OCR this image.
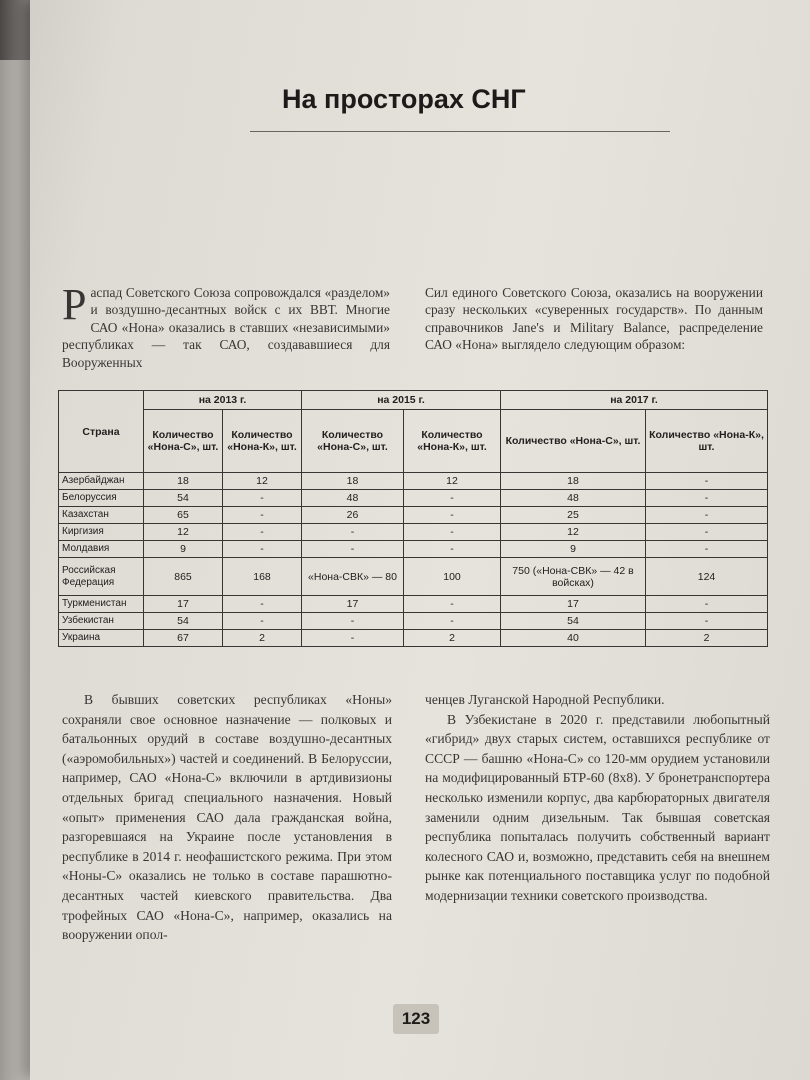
На просторах СНГ

Распад Советского Союза сопровождался «разделом» и воздушно-десантных войск с их ВВТ. Многие САО «Нона» оказались в ставших «независимыми» республиках — так САО, создававшиеся для Вооруженных

Сил единого Советского Союза, оказались на вооружении сразу нескольких «суверенных государств». По данным справочников Jane's и Military Balance, распределение САО «Нона» выглядело следующим образом:

Страна	на 2013 г.		на 2015 г.		на 2017 г.	
	Количество «Нона-С», шт.	Количество «Нона-К», шт.	Количество «Нона-С», шт.	Количество «Нона-К», шт.	Количество «Нона-С», шт.	Количество «Нона-К», шт.
Азербайджан	18	12	18	12	18	-
Белоруссия	54	-	48	-	48	-
Казахстан	65	-	26	-	25	-
Киргизия	12	-	-	-	12	-
Молдавия	9	-	-	-	9	-
Российская Федерация	865	168	«Нона-СВК» — 80	100	750 («Нона-СВК» — 42 в войсках)	124
Туркменистан	17	-	17	-	17	-
Узбекистан	54	-	-	-	54	-
Украина	67	2	-	2	40	2

В бывших советских республиках «Ноны» сохраняли свое основное назначение — полковых и батальонных орудий в составе воздушно-десантных («аэромобильных») частей и соединений. В Белоруссии, например, САО «Нона-С» включили в артдивизионы отдельных бригад специального назначения. Новый «опыт» применения САО дала гражданская война, разгоревшаяся на Украине после установления в республике в 2014 г. неофашистского режима. При этом «Ноны-С» оказались не только в составе парашютно-десантных частей киевского правительства. Два трофейных САО «Нона-С», например, оказались на вооружении опол-

ченцев Луганской Народной Республики.

В Узбекистане в 2020 г. представили любопытный «гибрид» двух старых систем, оставшихся республике от СССР — башню «Нона-С» со 120-мм орудием установили на модифицированный БТР-60 (8x8). У бронетранспортера несколько изменили корпус, два карбюраторных двигателя заменили одним дизельным. Так бывшая советская республика попыталась получить собственный вариант колесного САО и, возможно, представить себя на внешнем рынке как потенциального поставщика услуг по подобной модернизации техники советского производства.

123
